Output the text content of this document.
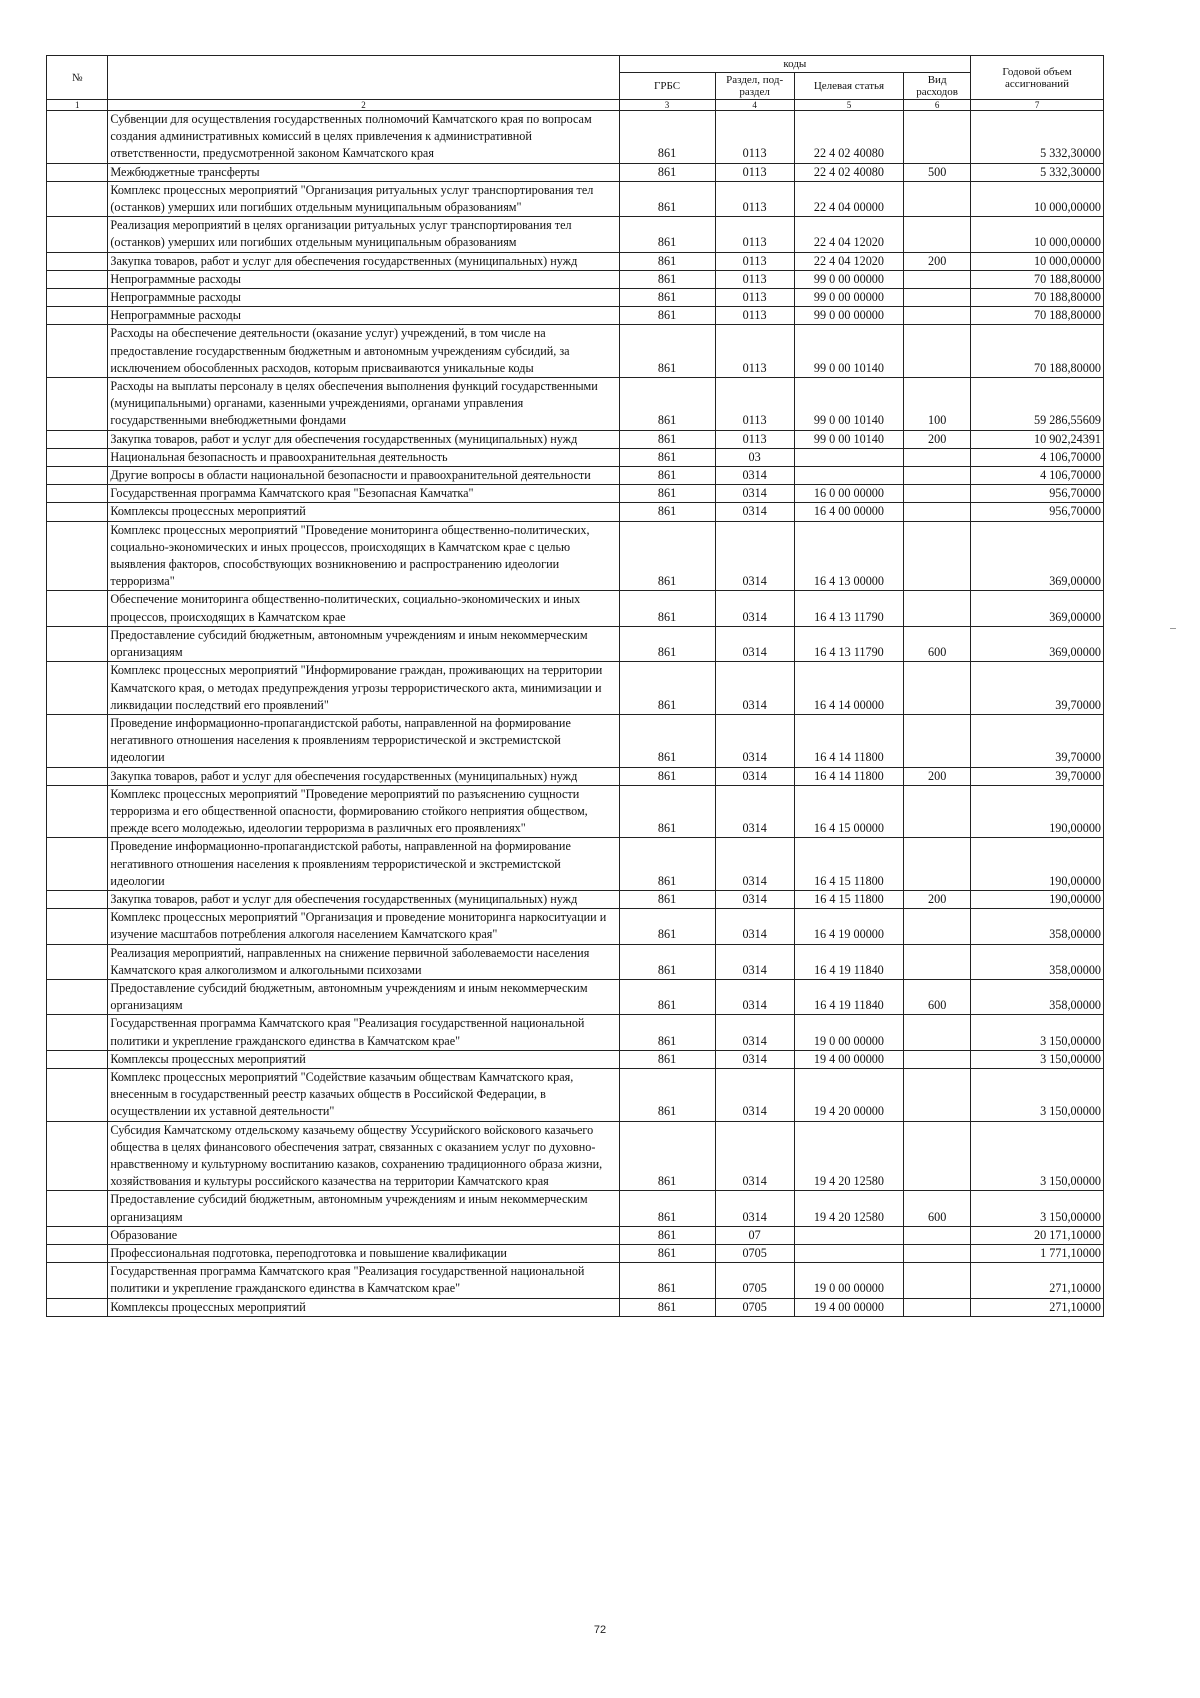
№		коды				Годовой объем ассигнований
		ГРБС	Раздел, под-раздел	Целевая статья	Вид расходов	
1	2	3	4	5	6	7
	Субвенции для осуществления государственных полномочий Камчатского края по вопросам создания административных комиссий в целях привлечения к административной ответственности, предусмотренной законом Камчатского края	861	0113	22 4 02 40080		5 332,30000
	Межбюджетные трансферты	861	0113	22 4 02 40080	500	5 332,30000
	Комплекс процессных мероприятий "Организация ритуальных услуг транспортирования тел (останков) умерших или погибших отдельным муниципальным образованиям"	861	0113	22 4 04 00000		10 000,00000
	Реализация мероприятий в целях организации ритуальных услуг транспортирования тел (останков) умерших или погибших отдельным муниципальным образованиям	861	0113	22 4 04 12020		10 000,00000
	Закупка товаров, работ и услуг для обеспечения государственных (муниципальных) нужд	861	0113	22 4 04 12020	200	10 000,00000
	Непрограммные расходы	861	0113	99 0 00 00000		70 188,80000
	Непрограммные расходы	861	0113	99 0 00 00000		70 188,80000
	Непрограммные расходы	861	0113	99 0 00 00000		70 188,80000
	Расходы на обеспечение деятельности (оказание услуг) учреждений, в том числе на предоставление государственным бюджетным и автономным учреждениям субсидий, за исключением обособленных расходов, которым присваиваются уникальные коды	861	0113	99 0 00 10140		70 188,80000
	Расходы на выплаты персоналу в целях обеспечения выполнения функций государственными (муниципальными) органами, казенными учреждениями, органами управления государственными внебюджетными фондами	861	0113	99 0 00 10140	100	59 286,55609
	Закупка товаров, работ и услуг для обеспечения государственных (муниципальных) нужд	861	0113	99 0 00 10140	200	10 902,24391
	Национальная безопасность и правоохранительная деятельность	861	03			4 106,70000
	Другие вопросы в области национальной безопасности и правоохранительной деятельности	861	0314			4 106,70000
	Государственная программа Камчатского края "Безопасная Камчатка"	861	0314	16 0 00 00000		956,70000
	Комплексы процессных мероприятий	861	0314	16 4 00 00000		956,70000
	Комплекс процессных мероприятий "Проведение мониторинга общественно-политических, социально-экономических и иных процессов, происходящих в Камчатском крае с целью выявления факторов, способствующих возникновению и распространению идеологии терроризма"	861	0314	16 4 13 00000		369,00000
	Обеспечение мониторинга общественно-политических, социально-экономических и иных процессов, происходящих в Камчатском крае	861	0314	16 4 13 11790		369,00000
	Предоставление субсидий бюджетным, автономным учреждениям и иным некоммерческим организациям	861	0314	16 4 13 11790	600	369,00000
	Комплекс процессных мероприятий "Информирование граждан, проживающих на территории Камчатского края, о методах предупреждения угрозы террористического акта, минимизации и ликвидации последствий его проявлений"	861	0314	16 4 14 00000		39,70000
	Проведение информационно-пропагандистской работы, направленной на формирование негативного отношения населения к проявлениям террористической и экстремистской идеологии	861	0314	16 4 14 11800		39,70000
	Закупка товаров, работ и услуг для обеспечения государственных (муниципальных) нужд	861	0314	16 4 14 11800	200	39,70000
	Комплекс процессных мероприятий "Проведение мероприятий по разъяснению сущности терроризма и его общественной опасности, формированию стойкого неприятия обществом, прежде всего молодежью, идеологии терроризма в различных его проявлениях"	861	0314	16 4 15 00000		190,00000
	Проведение информационно-пропагандистской работы, направленной на формирование негативного отношения населения к проявлениям террористической и экстремистской идеологии	861	0314	16 4 15 11800		190,00000
	Закупка товаров, работ и услуг для обеспечения государственных (муниципальных) нужд	861	0314	16 4 15 11800	200	190,00000
	Комплекс процессных мероприятий "Организация и проведение мониторинга наркоситуации и изучение масштабов потребления алкоголя населением Камчатского края"	861	0314	16 4 19 00000		358,00000
	Реализация мероприятий, направленных на снижение первичной заболеваемости населения Камчатского края алкоголизмом и алкогольными психозами	861	0314	16 4 19 11840		358,00000
	Предоставление субсидий бюджетным, автономным учреждениям и иным некоммерческим организациям	861	0314	16 4 19 11840	600	358,00000
	Государственная программа Камчатского края "Реализация государственной национальной политики и укрепление гражданского единства в Камчатском крае"	861	0314	19 0 00 00000		3 150,00000
	Комплексы процессных мероприятий	861	0314	19 4 00 00000		3 150,00000
	Комплекс процессных мероприятий "Содействие казачьим обществам Камчатского края, внесенным в государственный реестр казачьих обществ в Российской Федерации, в осуществлении их уставной деятельности"	861	0314	19 4 20 00000		3 150,00000
	Субсидия Камчатскому отдельскому казачьему обществу Уссурийского войскового казачьего общества в целях финансового обеспечения затрат, связанных с оказанием услуг по духовно-нравственному и культурному воспитанию казаков, сохранению традиционного образа жизни, хозяйствования и культуры российского казачества на территории Камчатского края	861	0314	19 4 20 12580		3 150,00000
	Предоставление субсидий бюджетным, автономным учреждениям и иным некоммерческим организациям	861	0314	19 4 20 12580	600	3 150,00000
	Образование	861	07			20 171,10000
	Профессиональная подготовка, переподготовка и повышение квалификации	861	0705			1 771,10000
	Государственная программа Камчатского края "Реализация государственной национальной политики и укрепление гражданского единства в Камчатском крае"	861	0705	19 0 00 00000		271,10000
	Комплексы процессных мероприятий	861	0705	19 4 00 00000		271,10000
72
